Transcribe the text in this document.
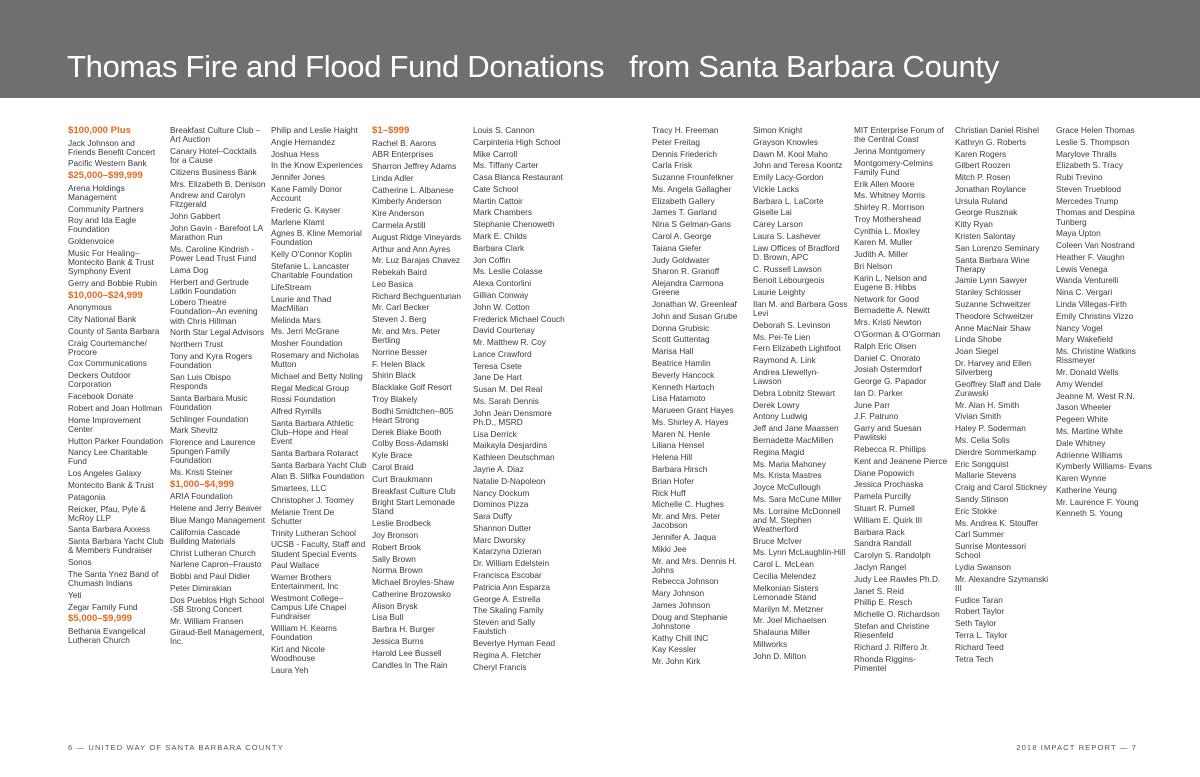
Thomas Fire and Flood Fund Donations   from Santa Barbara County
$100,000 Plus
Jack Johnson and Friends Benefit Concert
Pacific Western Bank
$25,000–$99,999
Arena Holdings Management
Community Partners
Roy and Ida Eagle Foundation
Goldenvoice
Music For Healing– Montecito Bank & Trust Symphony Event
Gerry and Bobbie Rubin
$10,000–$24,999
Anonymous
City National Bank
County of Santa Barbara
Craig Courtemanche/ Procore
Cox Communications
Deckers Outdoor Corporation
Facebook Donate
Robert and Joan Hollman
Home Improvement Center
Hutton Parker Foundation
Nancy Lee Charitable Fund
Los Angeles Galaxy
Montecito Bank & Trust
Patagonia
Reicker, Pfau, Pyle & McRoy LLP
Santa Barbara Axxess
Santa Barbara Yacht Club & Members Fundraiser
Sonos
The Santa Ynez Band of Chumash Indians
Yeti
Zegar Family Fund
$5,000–$9,999
Bethania Evangelical Lutheran Church
Breakfast Culture Club –Art Auction
Canary Hotel–Cocktails for a Cause
Citizens Business Bank
Mrs. Elizabeth B. Denison
Andrew and Carolyn Fitzgerald
John Gabbert
John Gavin - Barefoot LA Marathon Run
Ms. Caroline Kindrish - Power Lead Trust Fund
Lama Dog
Herbert and Gertrude Latkin Foundation
Lobero Theatre Foundation–An evening with Chris Hillman
North Star Legal Advisors
Northern Trust
Tony and Kyra Rogers Foundation
San Luis Obispo Responds
Santa Barbara Music Foundation
Schlinger Foundation
Mark Shevitz
Florence and Laurence Spungen Family Foundation
Ms. Kristi Steiner
$1,000–$4,999
ARIA Foundation
Helene and Jerry Beaver
Blue Mango Management
California Cascade Building Materials
Christ Lutheran Church
Narlene Capron–Frausto
Bobbi and Paul Didier
Peter Dimirakian
Dos Pueblos High School -SB Strong Concert
Mr. William Fransen
Giraud-Bell Management, Inc.
Philip and Leslie Haight
Angie Hernandez
Joshua Hess
In the Know Experiences
Jennifer Jones
Kane Family Donor Account
Frederic G. Kayser
Marlene Klamt
Agnes B. Kline Memorial Foundation
Kelly O'Connor Koplin
Stefanie L. Lancaster Charitable Foundation
LifeStream
Laurie and Thad MacMillan
Melinda Mars
Ms. Jerri McGrane
Mosher Foundation
Rosemary and Nicholas Mutton
Michael and Betty Noling
Regal Medical Group
Rossi Foundation
Alfred Rymills
Santa Barbara Athletic Club–Hope and Heal Event
Santa Barbara Rotaract
Santa Barbara Yacht Club
Alan B. Slifka Foundation
Smartees, LLC
Christopher J. Toomey
Melanie Trent De Schutter
Trinity Lutheran School
UCSB - Faculty, Staff and Student Special Events
Paul Wallace
Warner Brothers Entertainment, Inc
Westmont College– Campus Life Chapel Fundraiser
William H. Kearns Foundation
Kirt and Nicole Woodhouse
Laura Yeh
$1–$999
Rachel B. Aarons
ABR Enterprises
Sharron Jeffrey Adams
Linda Adler
Catherine L. Albanese
Kimberly Anderson
Kire Anderson
Carmela Arstill
August Ridge Vineyards
Arthur and Ann Ayres
Mr. Luz Barajas Chavez
Rebekah Baird
Leo Basica
Richard Bechguenturian
Mr. Carl Becker
Steven J. Berg
Mr. and Mrs. Peter Bertling
Norrine Besser
F. Helen Black
Shirin Black
Blacklake Golf Resort
Troy Blakely
Bodhi Smidtchen–805 Heart Strong
Derek Blake Booth
Colby Boss-Adamski
Kyle Brace
Carol Braid
Curt Braukmann
Breakfast Culture Club
Bright Start Lemonade Stand
Leslie Brodbeck
Joy Bronson
Robert Brook
Sally Brown
Norma Brown
Michael Broyles-Shaw
Catherine Brozowsko
Alison Brysk
Lisa Bull
Barbra H. Burger
Jessica Burns
Harold Lee Bussell
Candles In The Rain
Louis S. Cannon
Carpinteria High School
Mike Carroll
Ms. Tiffany Carter
Casa Blanca Restaurant
Cate School
Martin Cattoir
Mark Chambers
Stephanie Chenoweth
Mark E. Childs
Barbara Clark
Jon Coffin
Ms. Leslie Colasse
Alexa Contorlini
Gillian Conway
John W. Cotton
Frederick Michael Couch
David Courtenay
Mr. Matthew R. Coy
Lance Crawford
Teresa Csete
Jane De Hart
Susan M. Del Real
Ms. Sarah Dennis
John Jean Densmore Ph.D., MSRD
Lisa Derrick
Maikayla Desjardins
Kathleen Deutschman
Jayne A. Diaz
Natalie D-Napoleon
Nancy Dockum
Dominos Pizza
Sara Duffy
Shannon Dutter
Marc Dworsky
Katarzyna Dzieran
Dr. William Edelstein
Francisca Escobar
Patricia Ann Esparza
George A. Estrella
The Skaling Family
Steven and Sally Faulstich
Beverlye Hyman Fead
Regina A. Fletcher
Cheryl Francis
Tracy H. Freeman
Peter Freitag
Dennis Friederich
Carla Frisk
Suzanne Frounfelkner
Ms. Angela Gallagher
Elizabeth Gallery
James T. Garland
Nina S Gelman-Gans
Carol A. George
Taiana Giefer
Judy Goldwater
Sharon R. Granoff
Alejandra Carmona Greene
Jonathan W. Greenleaf
John and Susan Grube
Donna Grubisic
Scott Guttentag
Marisa Hall
Beatrice Hamlin
Beverly Hancock
Kenneth Hartoch
Lisa Hatamoto
Marueen Grant Hayes
Ms. Shirley A. Hayes
Maren N. Henle
Liliana Hensel
Helena Hill
Barbara Hirsch
Brian Hofer
Rick Huff
Michelle C. Hughes
Mr. and Mrs. Peter Jacobson
Jennifer A. Jaqua
Mikki Jee
Mr. and Mrs. Dennis H. Johns
Rebecca Johnson
Mary Johnson
James Johnson
Doug and Stephanie Johnstone
Kathy Chill INC
Kay Kessler
Mr. John Kirk
Simon Knight
Grayson Knowles
Dawn M. Kool Maho
John and Teresa Koontz
Emily Lacy-Gordon
Vickie Lacks
Barbara L. LaCorte
Giselle Lai
Carey Larson
Laura S. Lashever
Law Offices of Bradford D. Brown, APC
C. Russell Lawson
Benoit Lebourgeois
Laurie Leighty
Ilan M. and Barbara Goss Levi
Deborah S. Levinson
Ms. Pei-Te Lien
Fern Elizabeth Lightfoot
Raymond A. Link
Andrea Llewellyn- Lawson
Debra Lobnitz Stewart
Derek Lowry
Antony Ludwig
Jeff and Jane Maassen
Bernadette MacMillen
Regina Magid
Ms. Maria Mahoney
Ms. Krista Mastres
Joyce McCullough
Ms. Sara McCune Miller
Ms. Lorraine McDonnell and M. Stephen Weatherford
Bruce McIver
Ms. Lynn McLaughlin-Hill
Carol L. McLean
Cecilia Melendez
Melkonian Sisters Lemonade Stand
Marilyn M. Metzner
Mr. Joel Michaelsen
Shalauna Miller
Millworks
John D. Milton
MIT Enterprise Forum of the Central Coast
Jenna Montgomery
Montgomery-Celmins Family Fund
Erik Allen Moore
Ms. Whitney Morris
Shirley R. Morrison
Troy Mothershead
Cynthia L. Moxley
Karen M. Muller
Judith A. Miller
Bri Nelson
Karin L. Nelson and Eugene B. Hibbs
Network for Good
Bernadette A. Newitt
Mrs. Kristi Newton
O'Gorman & O'Gorman
Ralph Eric Olsen
Daniel C. Onorato
Josiah Ostermdorf
George G. Papador
Ian D. Parker
June Parr
J.F. Patruno
Garry and Suesan Pawlitski
Rebecca R. Phillips
Kent and Jeanene Pierce
Diane Popowich
Jessica Prochaska
Pamela Purcilly
Stuart R. Purnell
William E. Quirk III
Barbara Rack
Sandra Randall
Carolyn S. Randolph
Jaclyn Rangel
Judy Lee Rawles Ph.D.
Janet S. Reid
Phillip E. Resch
Michelle O. Richardson
Stefan and Christine Riesenfeld
Richard J. Riffero Jr.
Rhonda Riggins- Pimentel
Christian Daniel Rishel
Kathryn G. Roberts
Karen Rogers
Gilbert Roozen
Mitch P. Rosen
Jonathan Roylance
Ursula Ruland
George Rusznak
Kitty Ryan
Kristen Salontay
San Lorenzo Seminary
Santa Barbara Wine Therapy
Jamie Lynn Sawyer
Stanley Schlosser
Suzanne Schweitzer
Theodore Schweitzer
Anne MacNair Shaw
Linda Shobe
Joan Siegel
Dr. Harvey and Ellen Silverberg
Geoffrey Slaff and Dale Zurawski
Mr. Alan H. Smith
Vivian Smith
Haley P. Soderman
Ms. Celia Solis
Dierdre Sommerkamp
Eric Songquist
Mallarie Stevens
Craig and Carol Stickney
Sandy Stinson
Eric Stokke
Ms. Andrea K. Stouffer
Carl Summer
Sunrise Montessori School
Lydia Swanson
Mr. Alexandre Szymanski III
Fudice Taran
Robert Taylor
Seth Taylor
Terra L. Taylor
Richard Teed
Tetra Tech
Grace Helen Thomas
Leslie S. Thompson
Marylove Thralls
Elizabeth S. Tracy
Rubi Trevino
Steven Trueblood
Mercedes Trump
Thomas and Despina Tunberg
Maya Upton
Coleen Van Nostrand
Heather F. Vaughn
Lewis Venega
Wanda Venturelli
Nina C. Vergari
Linda Villegas-Firth
Emily Christins Vizzo
Nancy Vogel
Mary Wakefield
Ms. Christine Watkins Rissmeyer
Mr. Donald Wells
Amy Wendel
Jeanne M. West R.N.
Jason Wheeler
Pegeen White
Ms. Martine White
Dale Whitney
Adrienne Williams
Kymberly Williams- Evans
Karen Wynne
Katherine Yeung
Mr. Laurence F. Young
Kenneth S. Young
6 — UNITED WAY OF SANTA BARBARA COUNTY	2018 IMPACT REPORT — 7
